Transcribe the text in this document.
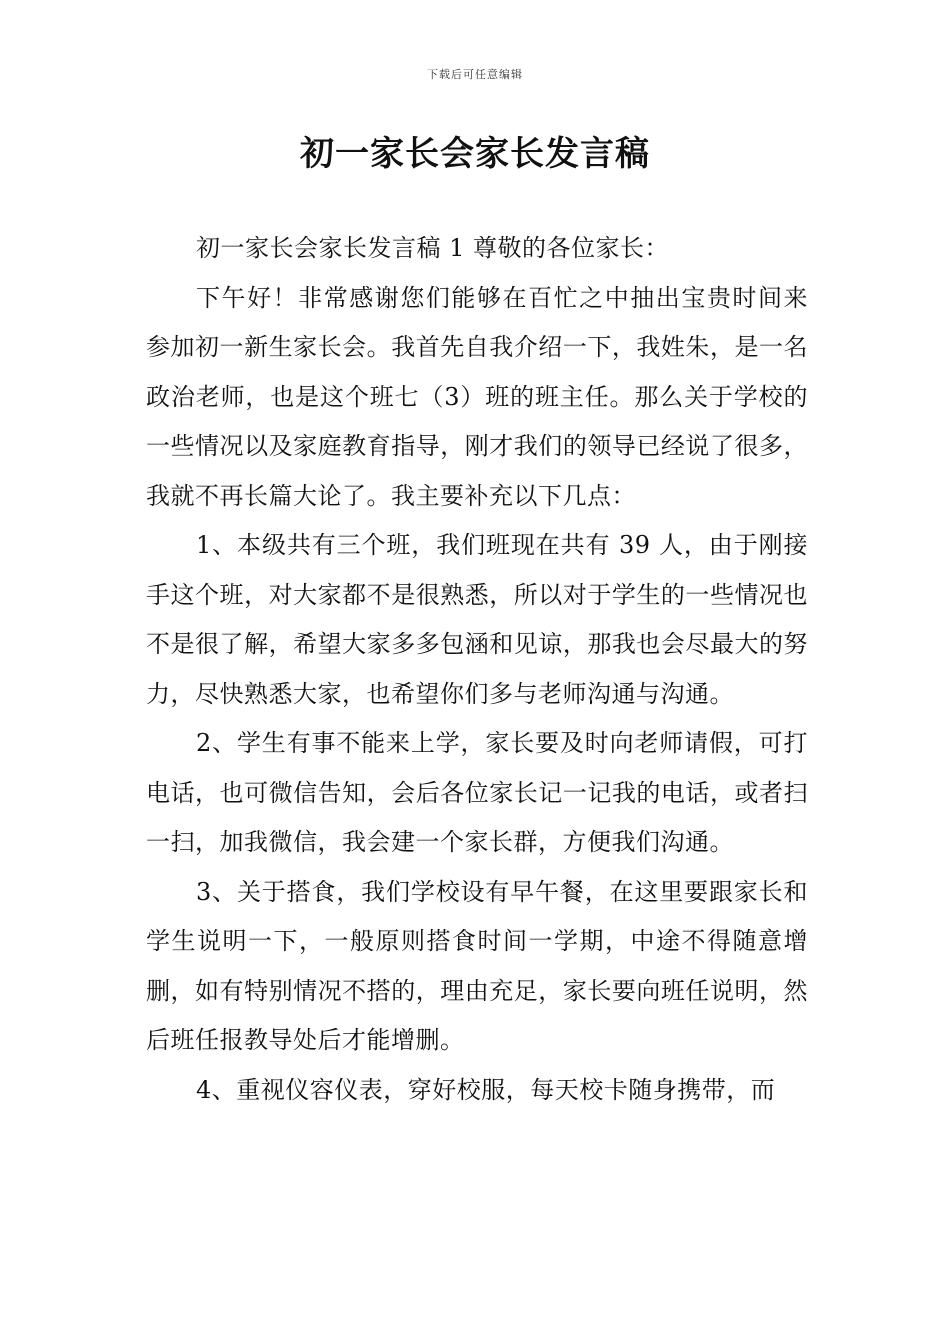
下载后可任意编辑
初一家长会家长发言稿

初一家长会家长发言稿 1 尊敬的各位家长：

下午好！非常感谢您们能够在百忙之中抽出宝贵时间来参加初一新生家长会。我首先自我介绍一下，我姓朱，是一名政治老师，也是这个班七（3）班的班主任。那么关于学校的一些情况以及家庭教育指导，刚才我们的领导已经说了很多，我就不再长篇大论了。我主要补充以下几点：

1、本级共有三个班，我们班现在共有 39 人，由于刚接手这个班，对大家都不是很熟悉，所以对于学生的一些情况也不是很了解，希望大家多多包涵和见谅，那我也会尽最大的努力，尽快熟悉大家，也希望你们多与老师沟通与沟通。

2、学生有事不能来上学，家长要及时向老师请假，可打电话，也可微信告知，会后各位家长记一记我的电话，或者扫一扫，加我微信，我会建一个家长群，方便我们沟通。

3、关于搭食，我们学校设有早午餐，在这里要跟家长和学生说明一下，一般原则搭食时间一学期，中途不得随意增删，如有特别情况不搭的，理由充足，家长要向班任说明，然后班任报教导处后才能增删。

4、重视仪容仪表，穿好校服，每天校卡随身携带，而
